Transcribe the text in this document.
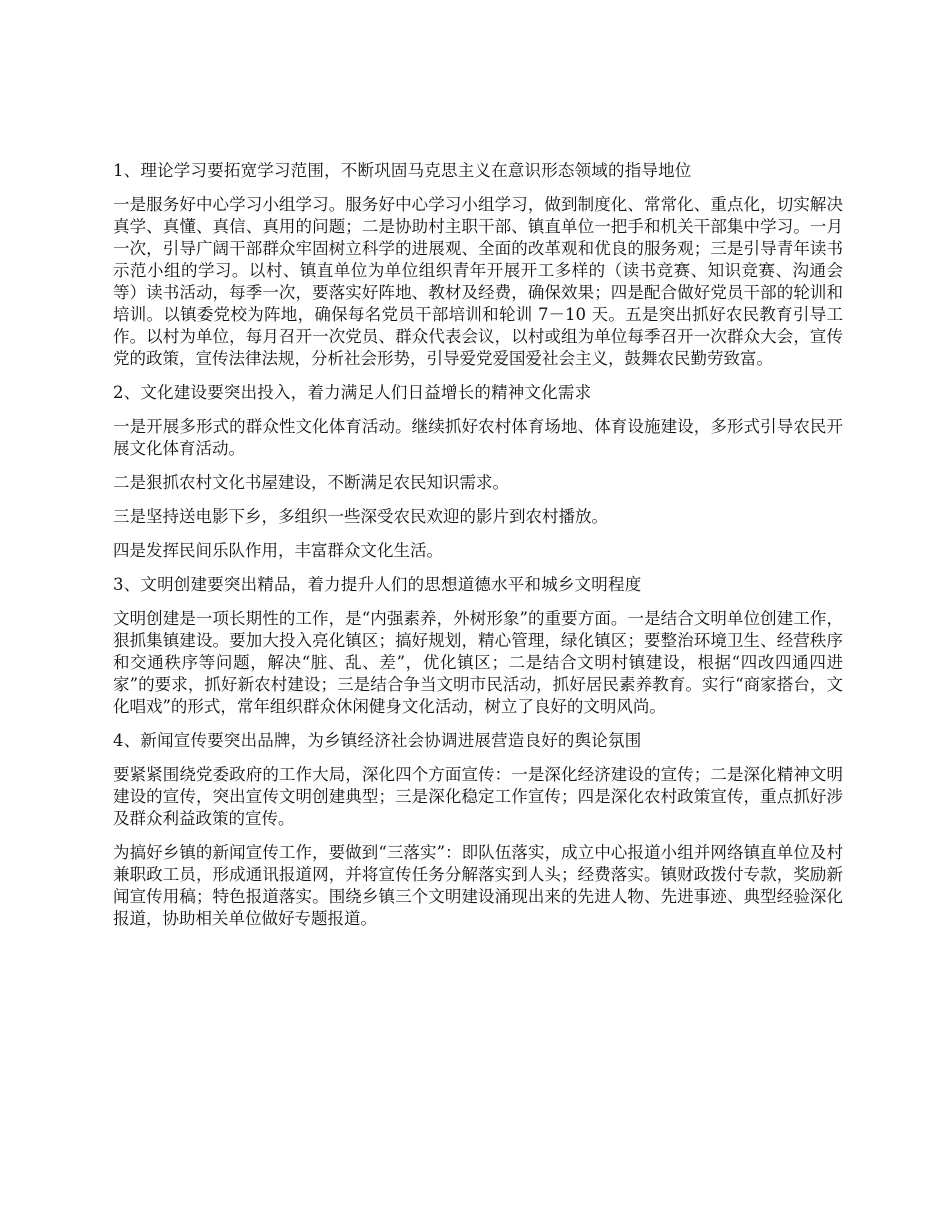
1、理论学习要拓宽学习范围，不断巩固马克思主义在意识形态领域的指导地位
一是服务好中心学习小组学习。服务好中心学习小组学习，做到制度化、常常化、重点化，切实解决真学、真懂、真信、真用的问题；二是协助村主职干部、镇直单位一把手和机关干部集中学习。一月一次，引导广阔干部群众牢固树立科学的进展观、全面的改革观和优良的服务观；三是引导青年读书示范小组的学习。以村、镇直单位为单位组织青年开展开工多样的（读书竞赛、知识竞赛、沟通会等）读书活动，每季一次，要落实好阵地、教材及经费，确保效果；四是配合做好党员干部的轮训和培训。以镇委党校为阵地，确保每名党员干部培训和轮训 7－10 天。五是突出抓好农民教育引导工作。以村为单位，每月召开一次党员、群众代表会议，以村或组为单位每季召开一次群众大会，宣传党的政策，宣传法律法规，分析社会形势，引导爱党爱国爱社会主义，鼓舞农民勤劳致富。
2、文化建设要突出投入，着力满足人们日益增长的精神文化需求
一是开展多形式的群众性文化体育活动。继续抓好农村体育场地、体育设施建设，多形式引导农民开展文化体育活动。
二是狠抓农村文化书屋建设，不断满足农民知识需求。
三是坚持送电影下乡，多组织一些深受农民欢迎的影片到农村播放。
四是发挥民间乐队作用，丰富群众文化生活。
3、文明创建要突出精品，着力提升人们的思想道德水平和城乡文明程度
文明创建是一项长期性的工作，是“内强素养，外树形象”的重要方面。一是结合文明单位创建工作，狠抓集镇建设。要加大投入亮化镇区；搞好规划，精心管理，绿化镇区；要整治环境卫生、经营秩序和交通秩序等问题，解决“脏、乱、差”，优化镇区；二是结合文明村镇建设，根据“四改四通四进家”的要求，抓好新农村建设；三是结合争当文明市民活动，抓好居民素养教育。实行“商家搭台，文化唱戏”的形式，常年组织群众休闲健身文化活动，树立了良好的文明风尚。
4、新闻宣传要突出品牌，为乡镇经济社会协调进展营造良好的舆论氛围
要紧紧围绕党委政府的工作大局，深化四个方面宣传：一是深化经济建设的宣传；二是深化精神文明建设的宣传，突出宣传文明创建典型；三是深化稳定工作宣传；四是深化农村政策宣传，重点抓好涉及群众利益政策的宣传。
为搞好乡镇的新闻宣传工作，要做到“三落实”：即队伍落实，成立中心报道小组并网络镇直单位及村兼职政工员，形成通讯报道网，并将宣传任务分解落实到人头；经费落实。镇财政拨付专款，奖励新闻宣传用稿；特色报道落实。围绕乡镇三个文明建设涌现出来的先进人物、先进事迹、典型经验深化报道，协助相关单位做好专题报道。
